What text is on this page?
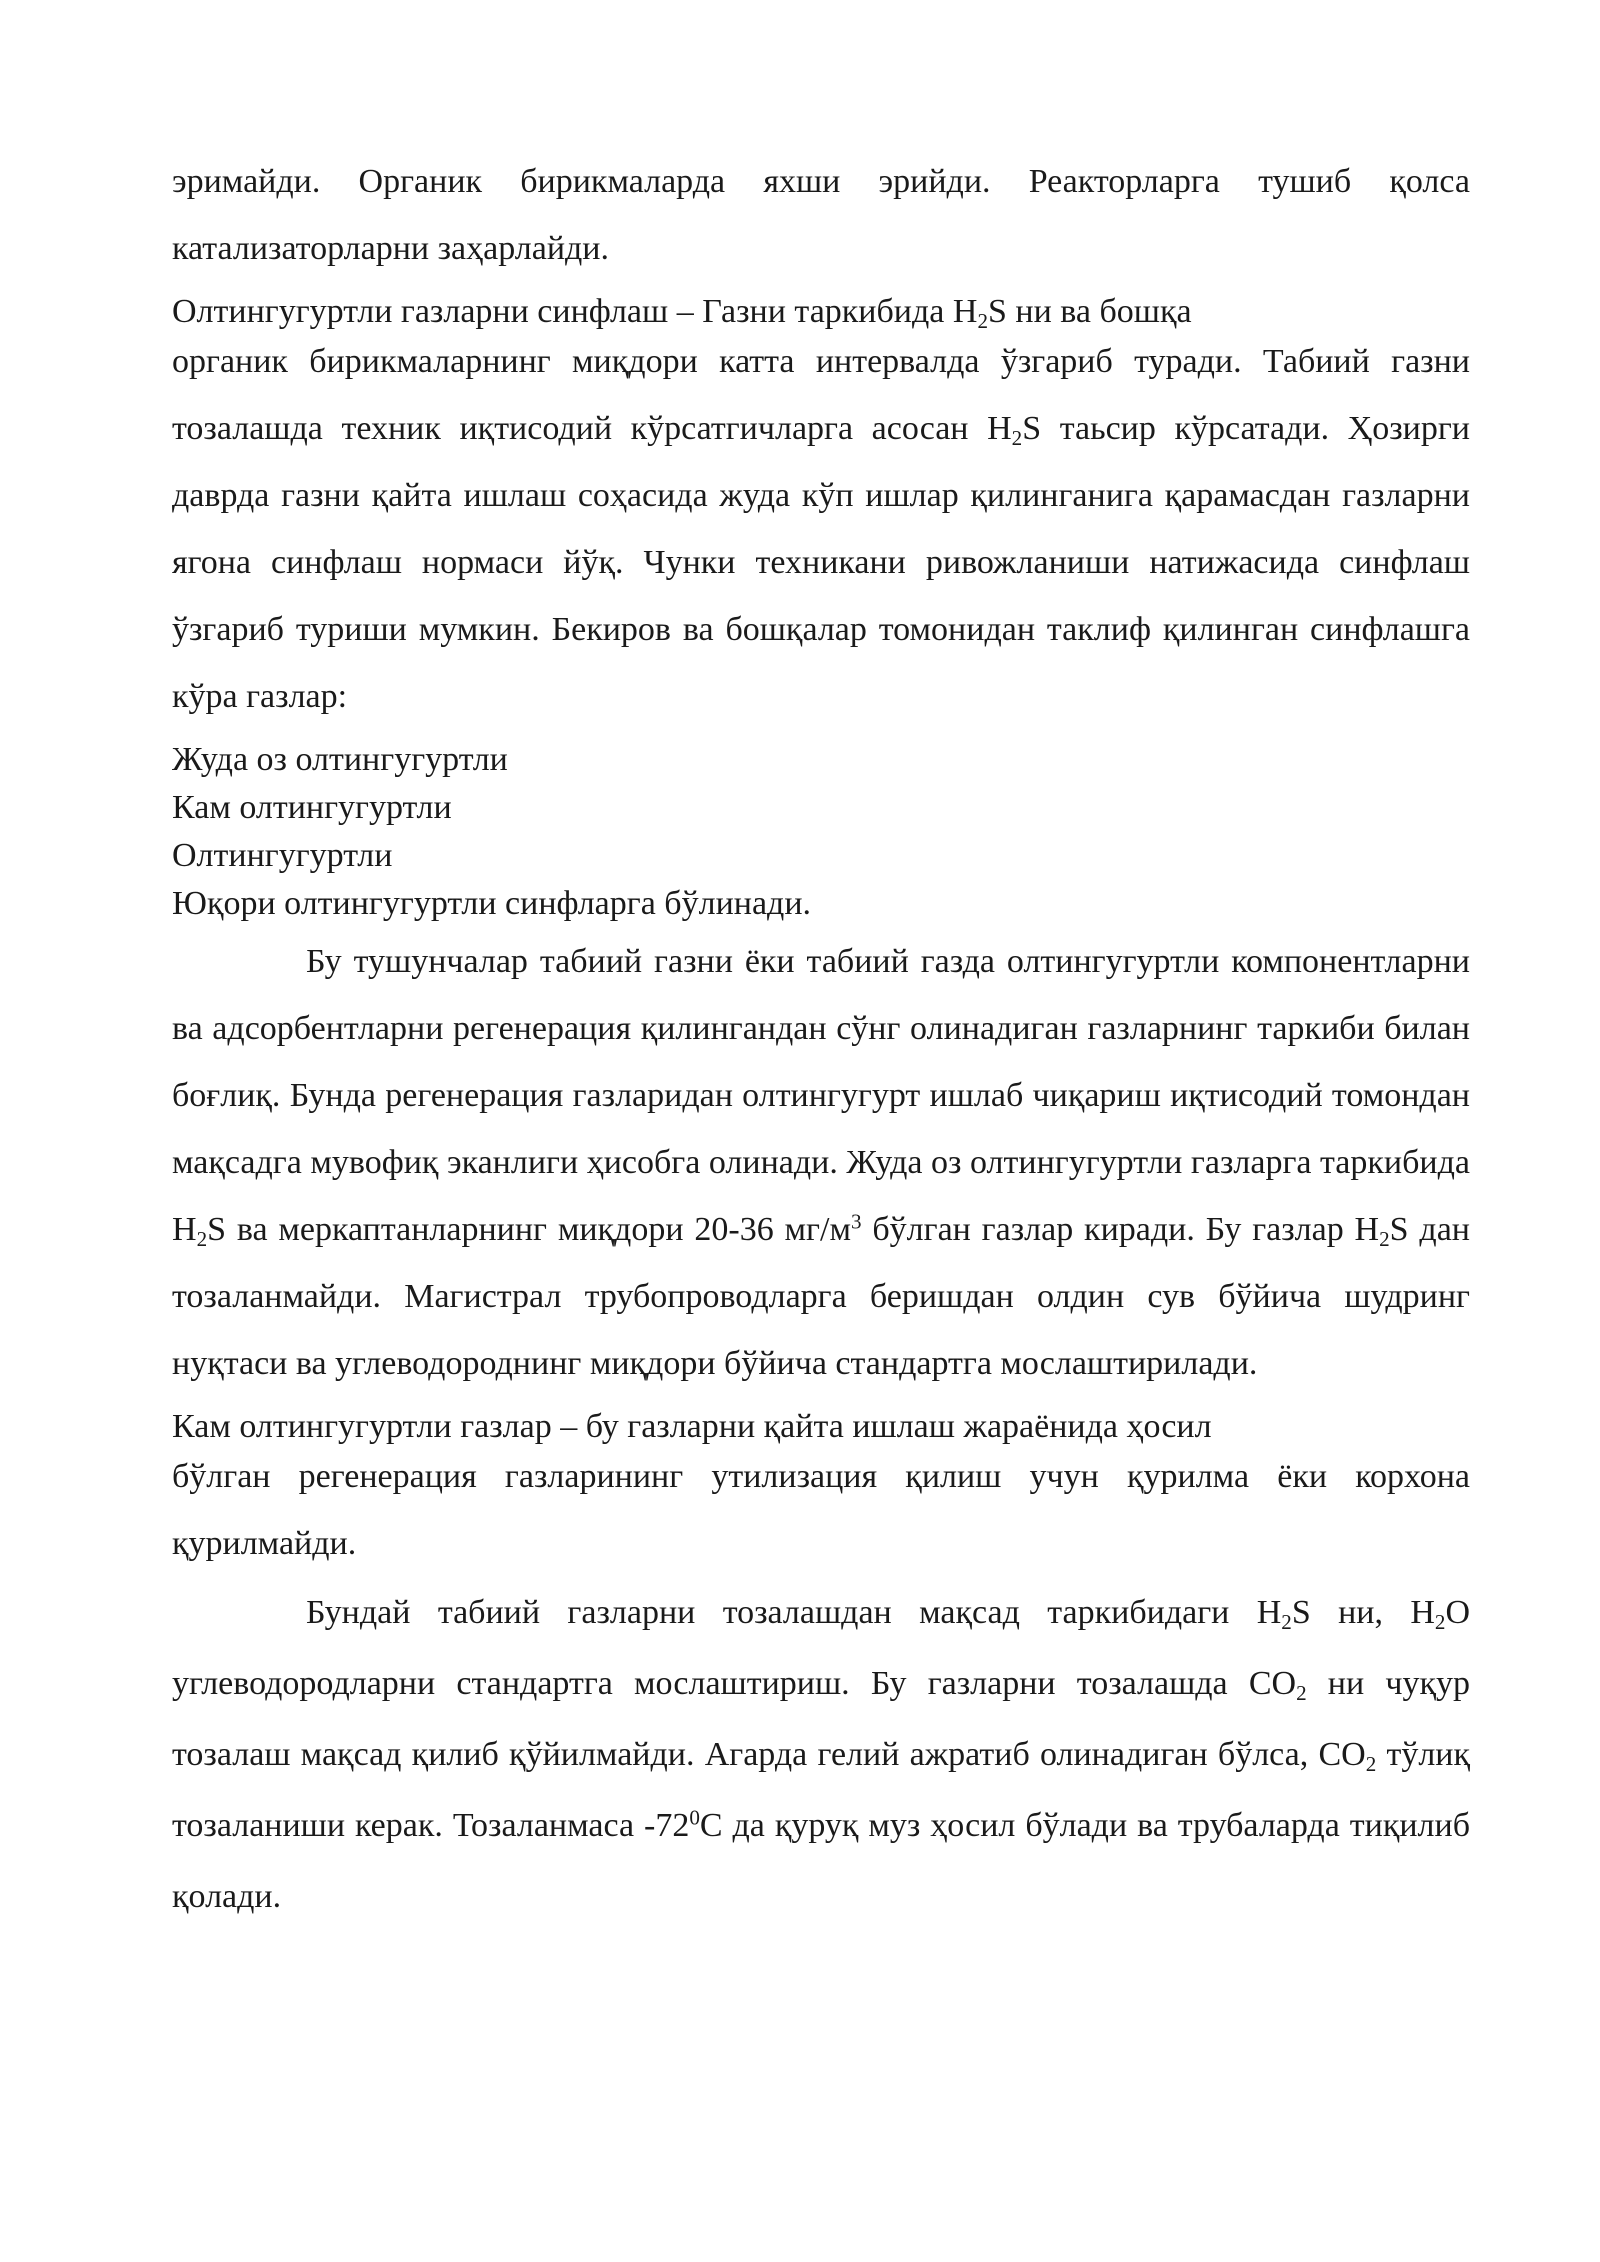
эримайди. Органик бирикмаларда яхши эрийди. Реакторларга тушиб қолса

катализаторларни заҳарлайди.

Олтингугуртли газларни синфлаш – Газни таркибида $H_2S$ ни ва бошқа

органик бирикмаларнинг миқдори катта интервалда ўзгариб туради. Табиий газни тозалашда техник иқтисодий кўрсатгичларга асосан $H_2S$ таьсир кўрсатади. Ҳозирги даврда газни қайта ишлаш соҳасида жуда кўп ишлар қилинганига қарамасдан газларни ягона синфлаш нормаси йўқ. Чунки техникани ривожланиши натижасида синфлаш ўзгариб туриши мумкин. Бекиров ва бошқалар томонидан таклиф қилинган синфлашга кўра газлар:

Жуда оз олтингугуртли

Кам олтингугуртли

Олтингугуртли

Юқори олтингугуртли синфларга бўлинади.

Бу тушунчалар табиий газни ёки табиий газда олтингугуртли компонентларни ва адсорбентларни регенерация қилингандан сўнг олинадиган газларнинг таркиби билан боғлиқ. Бунда регенерация газларидан олтингугурт ишлаб чиқариш иқтисодий томондан мақсадга мувофиқ эканлиги ҳисобга олинади. Жуда оз олтингугуртли газларга таркибида $H_2S$ ва меркаптанларнинг миқдори 20-36 $мг/м^3$ бўлган газлар киради. Бу газлар $H_2S$ дан тозаланмайди. Магистрал трубопроводларга беришдан олдин сув бўйича шудринг нуқтаси ва углеводороднинг миқдори бўйича стандартга мослаштирилади.

Кам олтингугуртли газлар – бу газларни қайта ишлаш жараёнида ҳосил

бўлган регенерация газларининг утилизация қилиш учун қурилма ёки корхона қурилмайди.

Бундай табиий газларни тозалашдан мақсад таркибидаги $H_2S$ ни, $H_2O$ углеводородларни стандартга мослаштириш. Бу газларни тозалашда $CO_2$ ни чуқур тозалаш мақсад қилиб қўйилмайди. Агарда гелий ажратиб олинадиган бўлса, $CO_2$ тўлиқ тозаланиши керак. Тозаланмаса $-72^0C$ да қуруқ муз ҳосил бўлади ва трубаларда тиқилиб қолади.
